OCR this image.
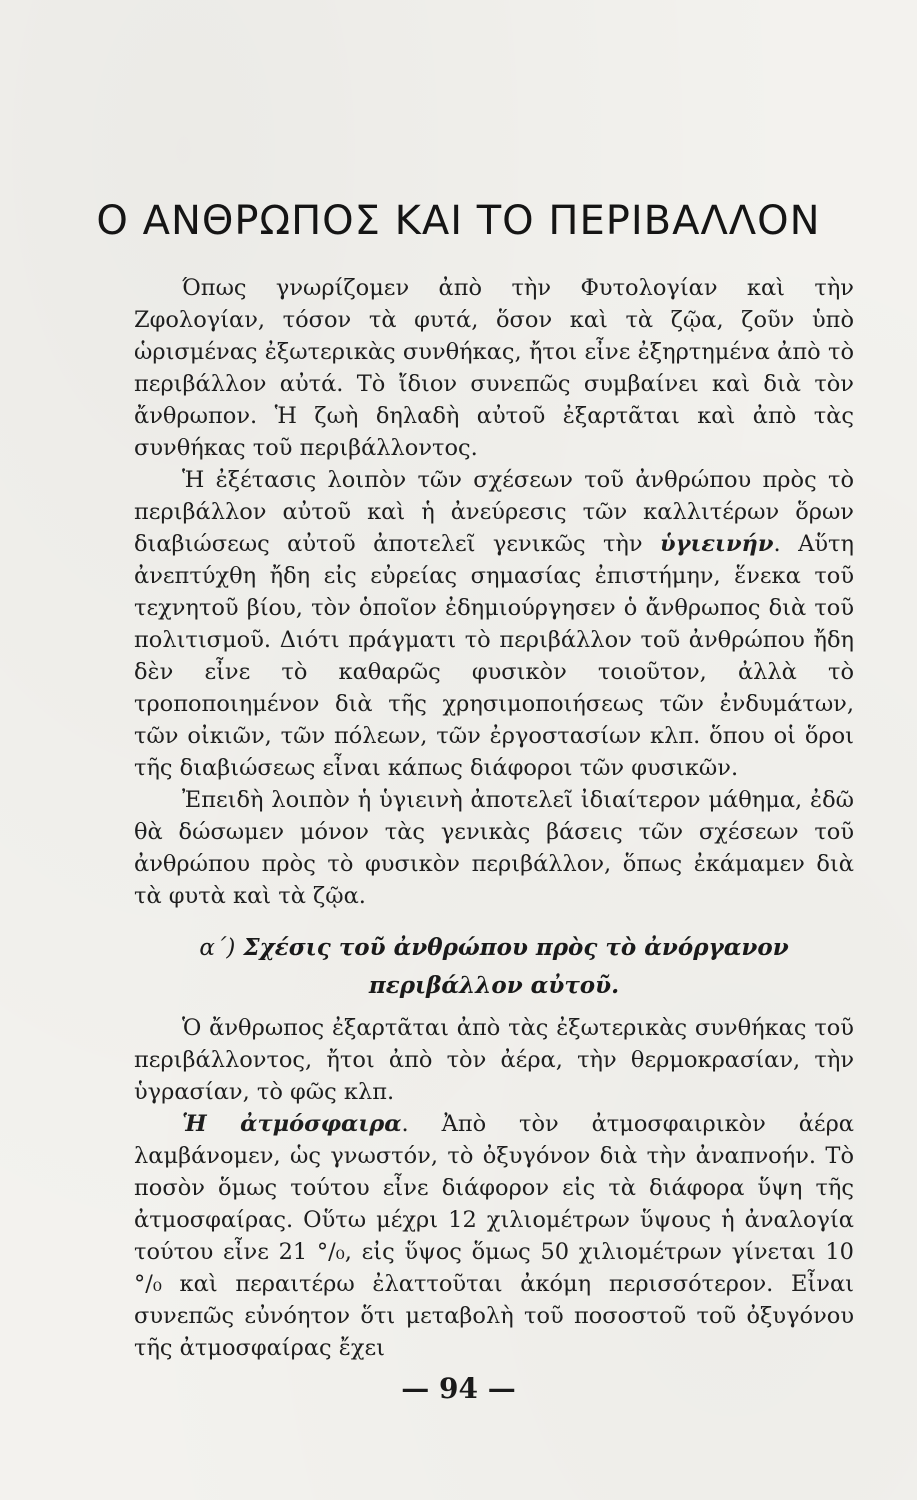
Ο ΑΝΘΡΩΠΟΣ ΚΑΙ ΤΟ ΠΕΡΙΒΑΛΛΟΝ

Όπως γνωρίζομεν ἀπὸ τὴν Φυτολογίαν καὶ τὴν Ζφολογίαν, τόσον τὰ φυτά, ὅσον καὶ τὰ ζῷα, ζοῦν ὑπὸ ὡρισμένας ἐξωτερικὰς συνθήκας, ἤτοι εἶνε ἐξηρτημένα ἀπὸ τὸ περιβάλλον αὐτά. Τὸ ἴδιον συνεπῶς συμβαίνει καὶ διὰ τὸν ἄνθρωπον. Ἡ ζωὴ δηλαδὴ αὐτοῦ ἐξαρτᾶται καὶ ἀπὸ τὰς συνθήκας τοῦ περιβάλλοντος.

Ἡ ἐξέτασις λοιπὸν τῶν σχέσεων τοῦ ἀνθρώπου πρὸς τὸ περιβάλλον αὐτοῦ καὶ ἡ ἀνεύρεσις τῶν καλλιτέρων ὅρων διαβιώσεως αὐτοῦ ἀποτελεῖ γενικῶς τὴν ὑγιεινήν. Αὕτη ἀνεπτύχθη ἤδη εἰς εὐρείας σημασίας ἐπιστήμην, ἕνεκα τοῦ τεχνητοῦ βίου, τὸν ὁποῖον ἐδημιούργησεν ὁ ἄνθρωπος διὰ τοῦ πολιτισμοῦ. Διότι πράγματι τὸ περιβάλλον τοῦ ἀνθρώπου ἤδη δὲν εἶνε τὸ καθαρῶς φυσικὸν τοιοῦτον, ἀλλὰ τὸ τροποποιημένον διὰ τῆς χρησιμοποιήσεως τῶν ἐνδυμάτων, τῶν οἰκιῶν, τῶν πόλεων, τῶν ἐργοστασίων κλπ. ὅπου οἱ ὅροι τῆς διαβιώσεως εἶναι κάπως διάφοροι τῶν φυσικῶν.

Ἐπειδὴ λοιπὸν ἡ ὑγιεινὴ ἀποτελεῖ ἰδιαίτερον μάθημα, ἐδῶ θὰ δώσωμεν μόνον τὰς γενικὰς βάσεις τῶν σχέσεων τοῦ ἀνθρώπου πρὸς τὸ φυσικὸν περιβάλλον, ὅπως ἐκάμαμεν διὰ τὰ φυτὰ καὶ τὰ ζῷα.

α΄) Σχέσις τοῦ ἀνθρώπου πρὸς τὸ ἀνόργανον περιβάλλον αὐτοῦ.

Ὁ ἄνθρωπος ἐξαρτᾶται ἀπὸ τὰς ἐξωτερικὰς συνθήκας τοῦ περιβάλλοντος, ἤτοι ἀπὸ τὸν ἀέρα, τὴν θερμοκρασίαν, τὴν ὑγρασίαν, τὸ φῶς κλπ.

Ἡ ἀτμόσφαιρα. Ἀπὸ τὸν ἀτμοσφαιρικὸν ἀέρα λαμβάνομεν, ὡς γνωστόν, τὸ ὀξυγόνον διὰ τὴν ἀναπνοήν. Τὸ ποσὸν ὅμως τούτου εἶνε διάφορον εἰς τὰ διάφορα ὕψη τῆς ἀτμοσφαίρας. Οὕτω μέχρι 12 χιλιομέτρων ὕψους ἡ ἀναλογία τούτου εἶνε 21 °/₀, εἰς ὕψος ὅμως 50 χιλιομέτρων γίνεται 10 °/₀ καὶ περαιτέρω ἐλαττοῦται ἀκόμη περισσότερον. Εἶναι συνεπῶς εὐνόητον ὅτι μεταβολὴ τοῦ ποσοστοῦ τοῦ ὀξυγόνου τῆς ἀτμοσφαίρας ἔχει

— 94 —
